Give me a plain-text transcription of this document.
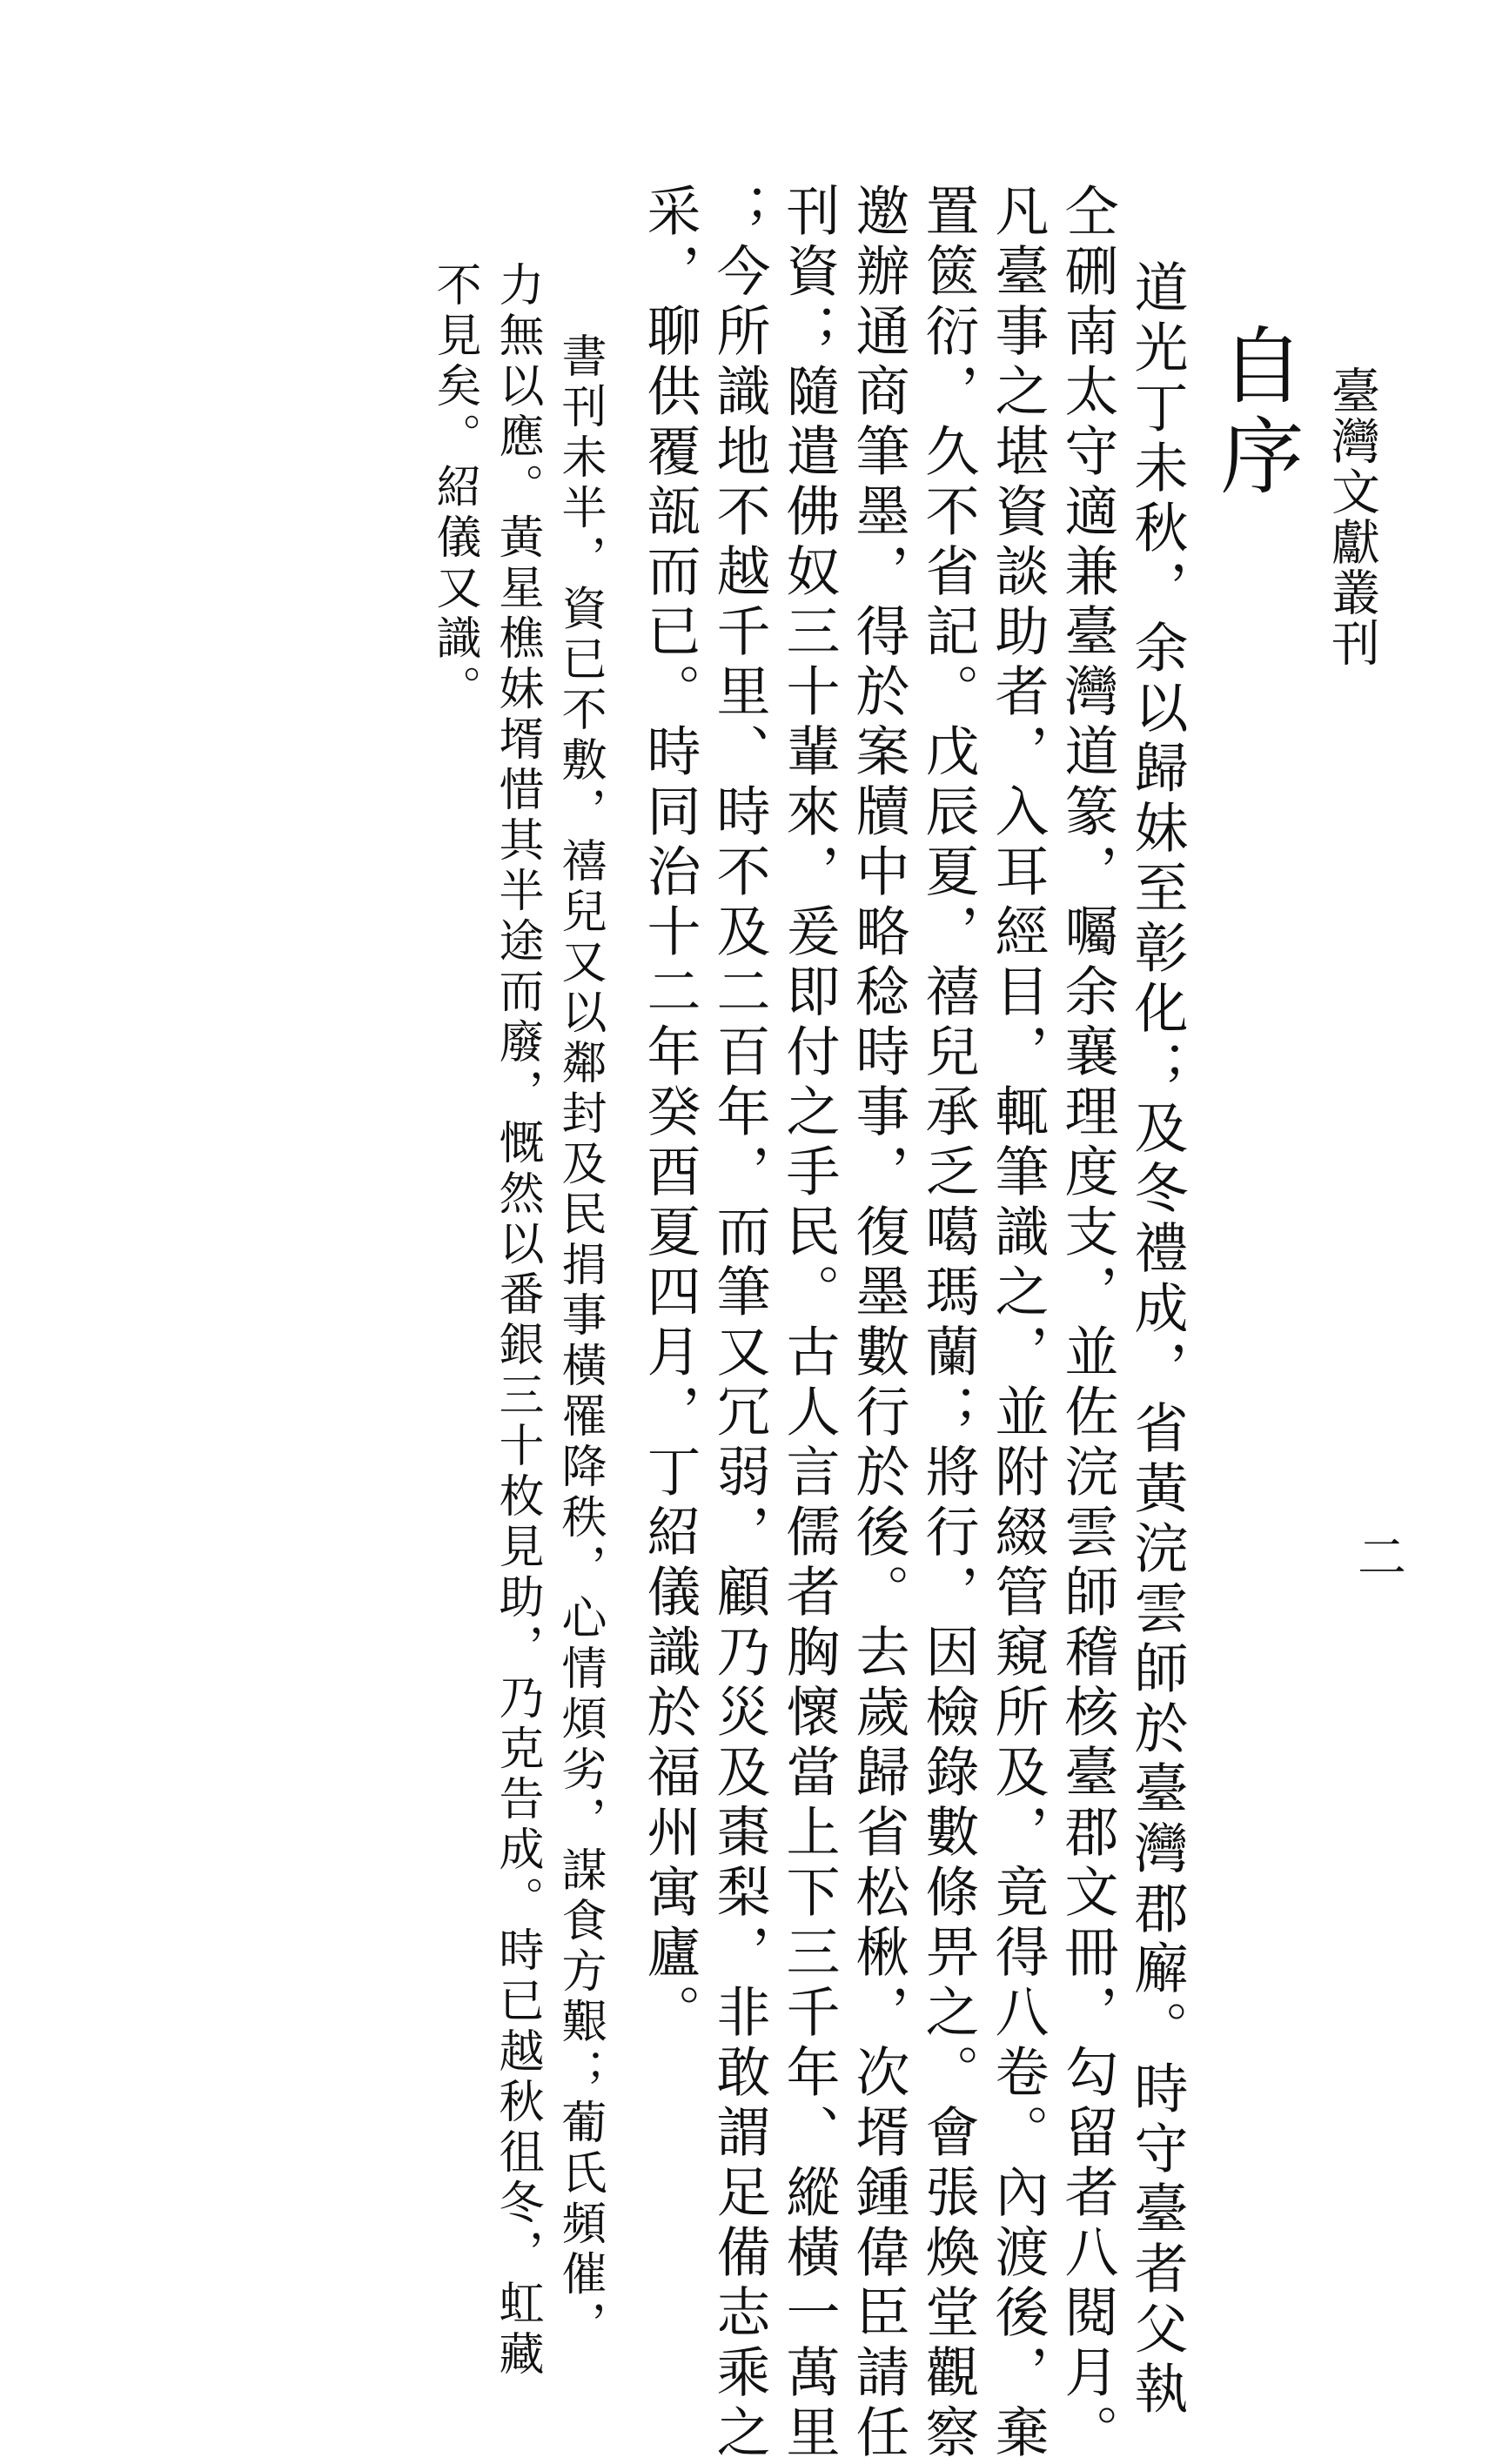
臺灣文獻叢刊
自序
二
道光丁未秋，余以歸妹至彰化；及冬禮成，省黃浣雲師於臺灣郡廨。時守臺者父執
仝硎南太守適兼臺灣道篆，囑余襄理度支，並佐浣雲師稽核臺郡文冊，勾留者八閱月。
凡臺事之堪資談助者，入耳經目，輒筆識之，並附綴管窺所及，竟得八卷。內渡後，棄
置篋衍，久不省記。戊辰夏，禧兒承乏噶瑪蘭；將行，因檢錄數條畀之。會張煥堂觀察
邀辦通商筆墨，得於案牘中略稔時事，復墨數行於後。去歲歸省松楸，次壻鍾偉臣請任
刊資；隨遣佛奴三十輩來，爰即付之手民。古人言儒者胸懷當上下三千年、縱橫一萬里
；今所識地不越千里、時不及二百年，而筆又冗弱，顧乃災及棗梨，非敢謂足備志乘之
采，聊供覆瓿而已。時同治十二年癸酉夏四月，丁紹儀識於福州寓廬。
書刊未半，資已不敷，禧兒又以鄰封及民捐事橫罹降秩，心情煩劣，謀食方艱；葡氏頻催，
力無以應。黃星樵妹壻惜其半途而廢，慨然以番銀三十枚見助，乃克告成。時已越秋徂冬，虹藏
不見矣。紹儀又識。
